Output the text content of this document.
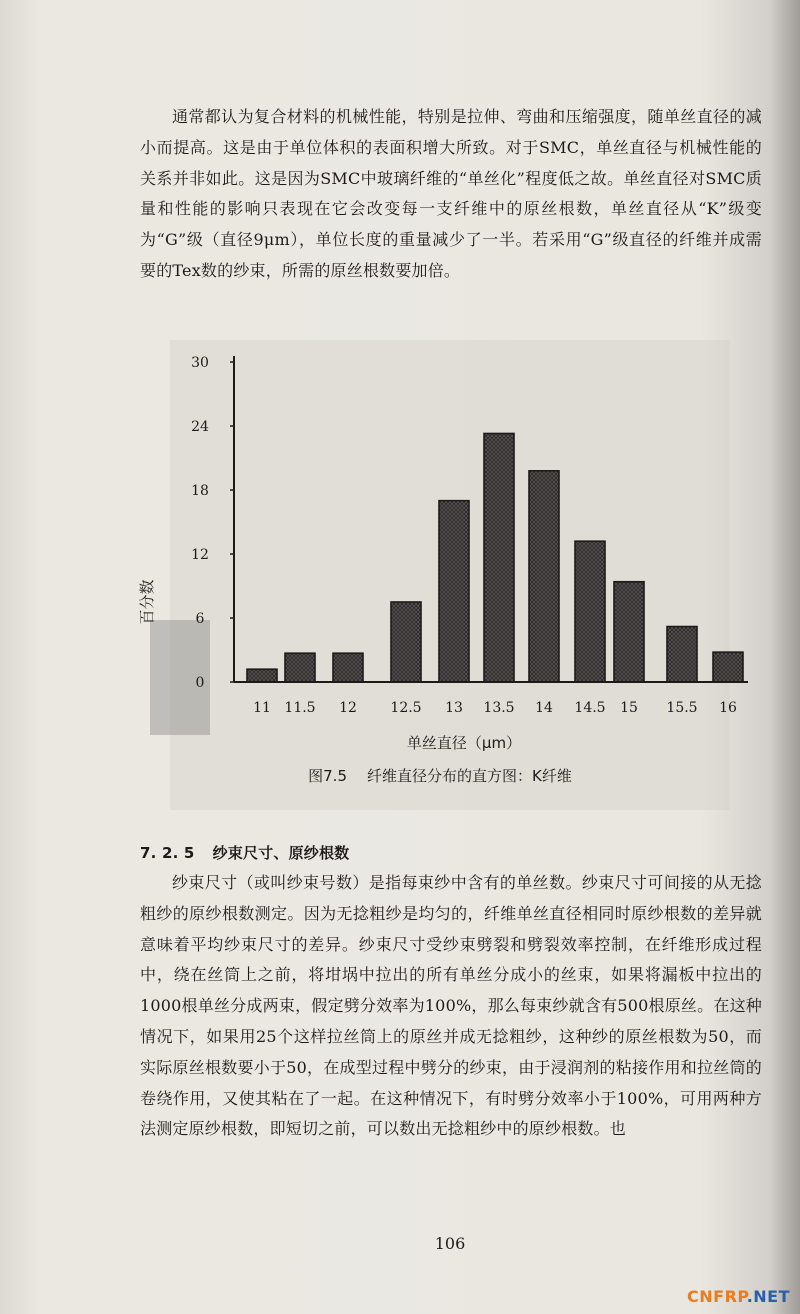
通常都认为复合材料的机械性能，特别是拉伸、弯曲和压缩强度，随单丝直径的减小而提高。这是由于单位体积的表面积增大所致。对于SMC，单丝直径与机械性能的关系并非如此。这是因为SMC中玻璃纤维的“单丝化”程度低之故。单丝直径对SMC质量和性能的影响只表现在它会改变每一支纤维中的原丝根数，单丝直径从“K”级变为“G”级（直径9μm），单位长度的重量减少了一半。若采用“G”级直径的纤维并成需要的Tex数的纱束，所需的原丝根数要加倍。

0
6
12
18
24
30
11 11.5 12 12.5 13 13.5 14 14.5 15 15.5 16
百分数
单丝直径（μm）
图7.5 纤维直径分布的直方图：K纤维
7. 2. 5 纱束尺寸、原纱根数

纱束尺寸（或叫纱束号数）是指每束纱中含有的单丝数。纱束尺寸可间接的从无捻粗纱的原纱根数测定。因为无捻粗纱是均匀的，纤维单丝直径相同时原纱根数的差异就意味着平均纱束尺寸的差异。纱束尺寸受纱束劈裂和劈裂效率控制，在纤维形成过程中，绕在丝筒上之前，将坩埚中拉出的所有单丝分成小的丝束，如果将漏板中拉出的1000根单丝分成两束，假定劈分效率为100%，那么每束纱就含有500根原丝。在这种情况下，如果用25个这样拉丝筒上的原丝并成无捻粗纱，这种纱的原丝根数为50，而实际原丝根数要小于50，在成型过程中劈分的纱束，由于浸润剂的粘接作用和拉丝筒的卷绕作用，又使其粘在了一起。在这种情况下，有时劈分效率小于100%，可用两种方法测定原纱根数，即短切之前，可以数出无捻粗纱中的原纱根数。也

106
CNFRP.NET
